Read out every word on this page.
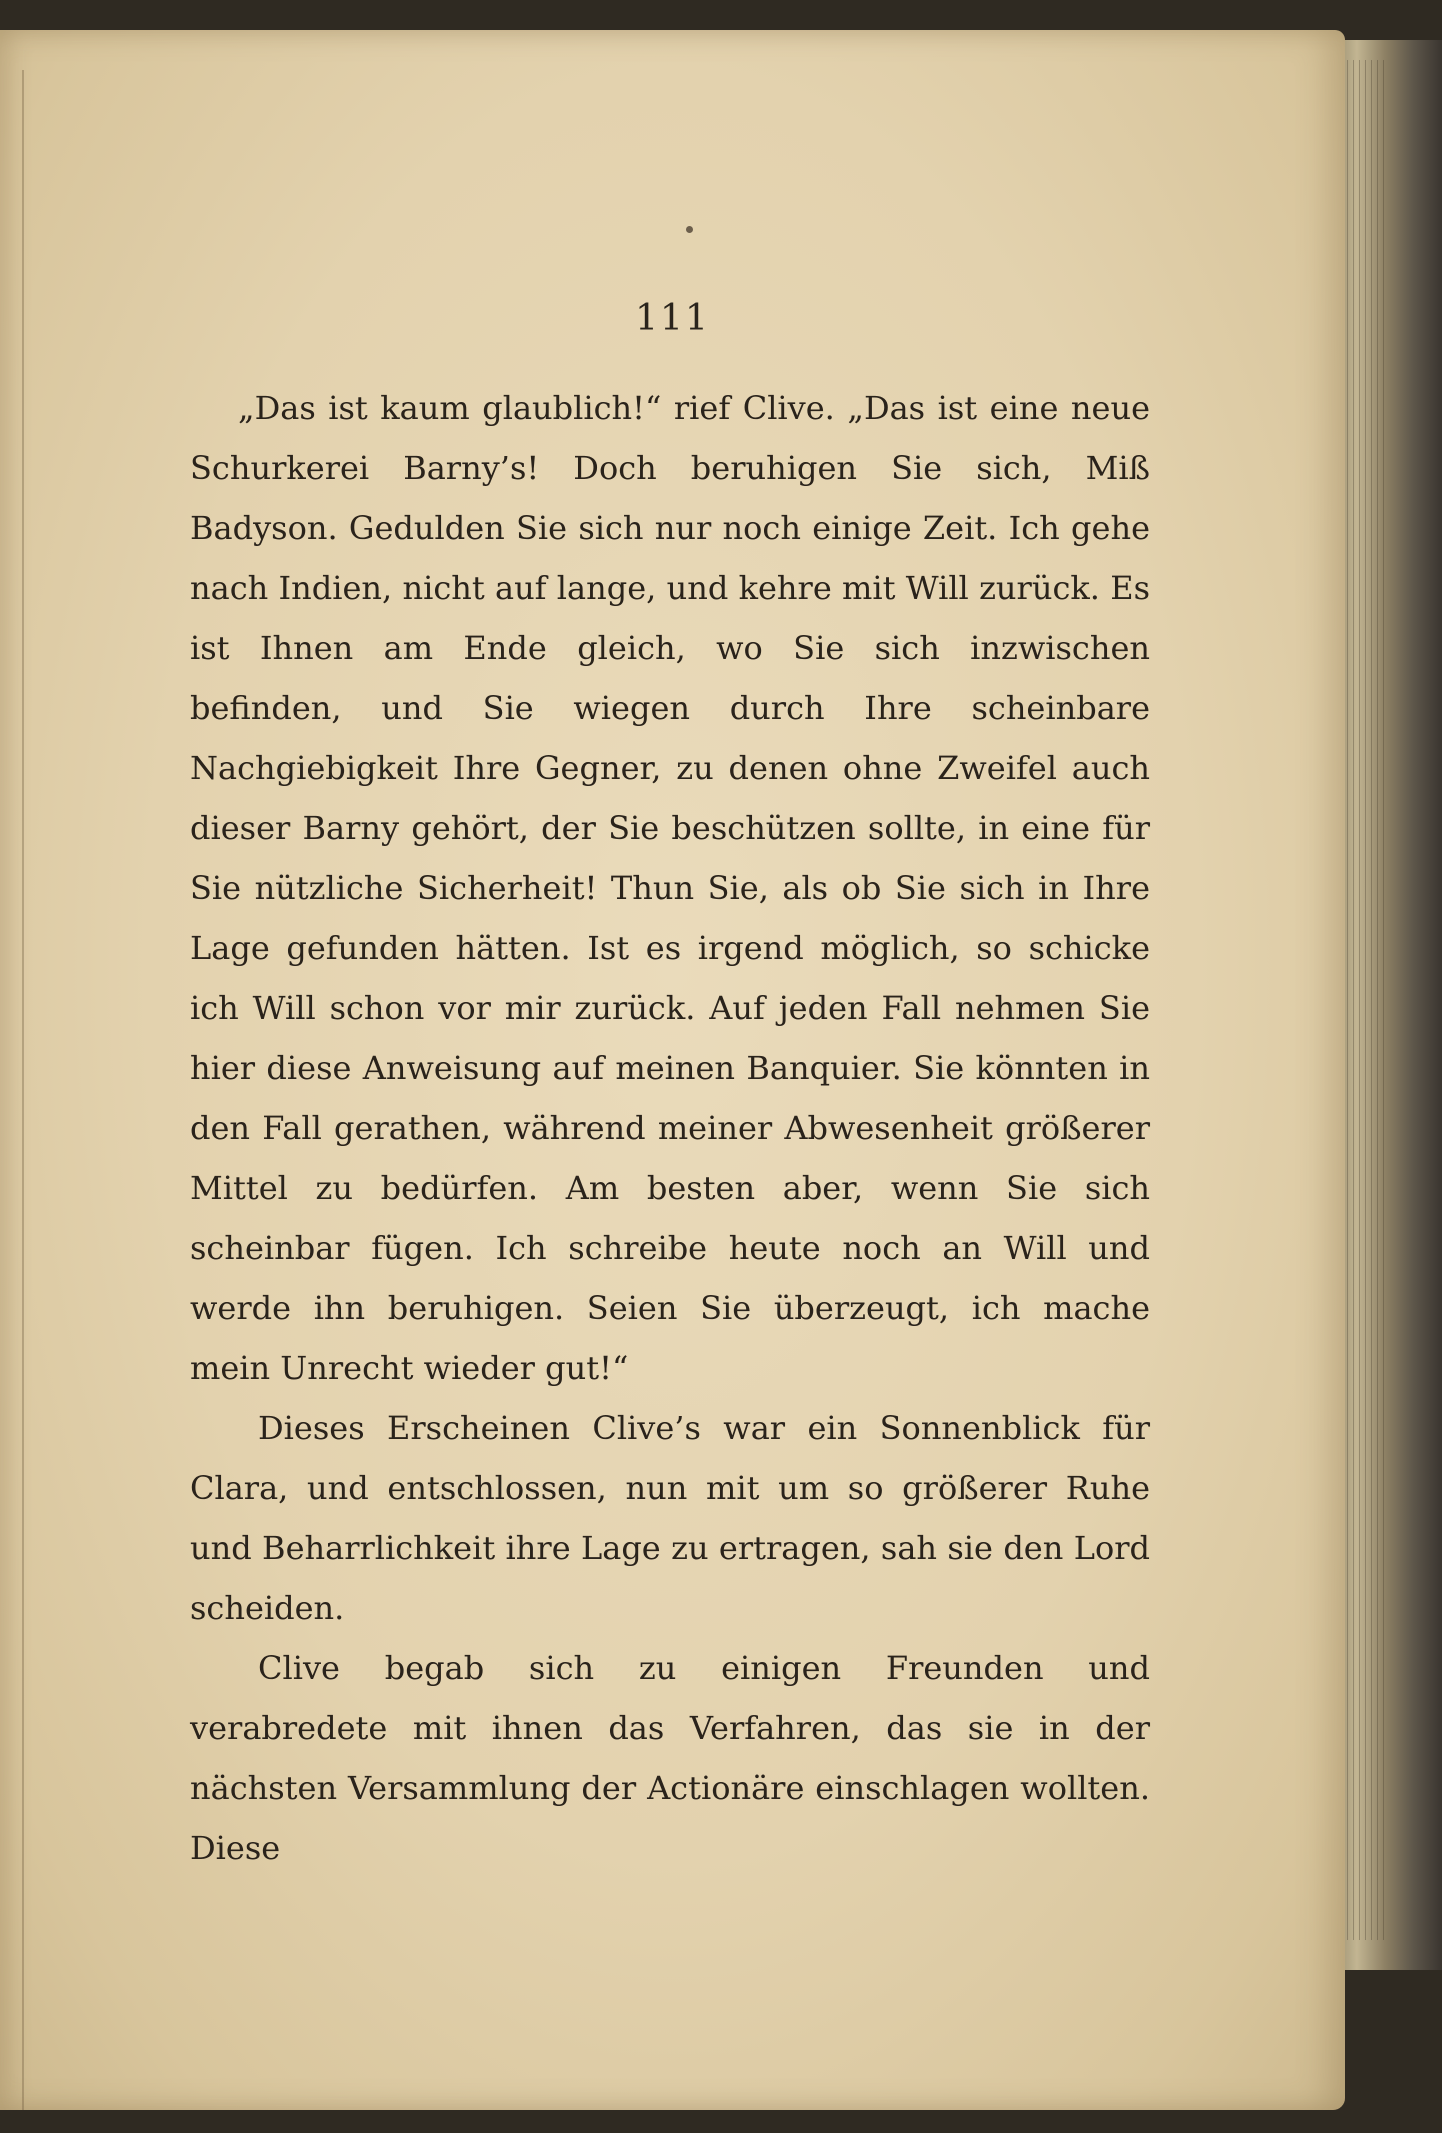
111

„Das ist kaum glaublich!“ rief Clive. „Das ist eine neue Schurkerei Barny’s! Doch beruhigen Sie sich, Miß Badyson. Gedulden Sie sich nur noch einige Zeit. Ich gehe nach Indien, nicht auf lange, und kehre mit Will zurück. Es ist Ihnen am Ende gleich, wo Sie sich inzwischen befinden, und Sie wiegen durch Ihre scheinbare Nachgiebigkeit Ihre Gegner, zu denen ohne Zweifel auch dieser Barny gehört, der Sie beschützen sollte, in eine für Sie nützliche Sicherheit! Thun Sie, als ob Sie sich in Ihre Lage gefunden hätten. Ist es irgend möglich, so schicke ich Will schon vor mir zurück. Auf jeden Fall nehmen Sie hier diese Anweisung auf meinen Banquier. Sie könnten in den Fall gerathen, während meiner Abwesenheit größerer Mittel zu bedürfen. Am besten aber, wenn Sie sich scheinbar fügen. Ich schreibe heute noch an Will und werde ihn beruhigen. Seien Sie überzeugt, ich mache mein Unrecht wieder gut!“

Dieses Erscheinen Clive’s war ein Sonnenblick für Clara, und entschlossen, nun mit um so größerer Ruhe und Beharrlichkeit ihre Lage zu ertragen, sah sie den Lord scheiden.

Clive begab sich zu einigen Freunden und verabredete mit ihnen das Verfahren, das sie in der nächsten Versammlung der Actionäre einschlagen wollten. Diese
